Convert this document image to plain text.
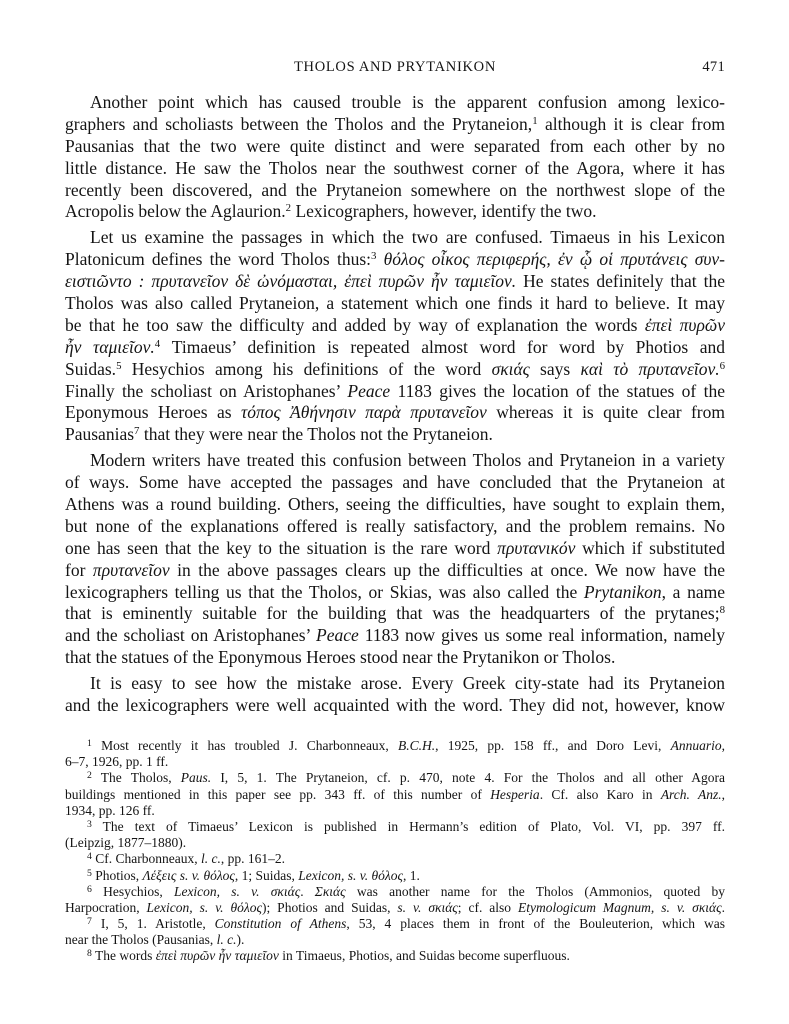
THOLOS AND PRYTANIKON	471
Another point which has caused trouble is the apparent confusion among lexico-
graphers and scholiasts between the Tholos and the Prytaneion,$^1$ although it is clear from
Pausanias that the two were quite distinct and were separated from each other by no
little distance. He saw the Tholos near the southwest corner of the Agora, where it has
recently been discovered, and the Prytaneion somewhere on the northwest slope of the
Acropolis below the Aglaurion.$^2$ Lexicographers, however, identify the two.
Let us examine the passages in which the two are confused. Timaeus in his Lexicon
Platonicum defines the word Tholos thus:$^3$ θόλος οἶκος περιφερής, ἐν ᾧ οἱ πρυτάνεις συν-
ειστιῶντο : πρυτανεῖον δὲ ὠνόμασται, ἐπεὶ πυρῶν ἦν ταμιεῖον. He states definitely that the
Tholos was also called Prytaneion, a statement which one finds it hard to believe. It may
be that he too saw the difficulty and added by way of explanation the words ἐπεὶ πυρῶν
ἦν ταμιεῖον.$^4$ Timaeus’ definition is repeated almost word for word by Photios and
Suidas.$^5$ Hesychios among his definitions of the word σκιάς says καὶ τὸ πρυτανεῖον.$^6$
Finally the scholiast on Aristophanes’ Peace 1183 gives the location of the statues of the
Eponymous Heroes as τόπος Ἀθήνησιν παρὰ πρυτανεῖον whereas it is quite clear from
Pausanias$^7$ that they were near the Tholos not the Prytaneion.
Modern writers have treated this confusion between Tholos and Prytaneion in a variety
of ways. Some have accepted the passages and have concluded that the Prytaneion at
Athens was a round building. Others, seeing the difficulties, have sought to explain them,
but none of the explanations offered is really satisfactory, and the problem remains. No
one has seen that the key to the situation is the rare word πρυτανικόν which if substituted
for πρυτανεῖον in the above passages clears up the difficulties at once. We now have the
lexicographers telling us that the Tholos, or Skias, was also called the Prytanikon, a name
that is eminently suitable for the building that was the headquarters of the prytanes;$^8$
and the scholiast on Aristophanes’ Peace 1183 now gives us some real information, namely
that the statues of the Eponymous Heroes stood near the Prytanikon or Tholos.
It is easy to see how the mistake arose. Every Greek city-state had its Prytaneion
and the lexicographers were well acquainted with the word. They did not, however, know
$^1$ Most recently it has troubled J. Charbonneaux, B.C.H., 1925, pp. 158 ff., and Doro Levi, Annuario,
6–7, 1926, pp. 1 ff.
$^2$ The Tholos, Paus. I, 5, 1. The Prytaneion, cf. p. 470, note 4. For the Tholos and all other Agora
buildings mentioned in this paper see pp. 343 ff. of this number of Hesperia. Cf. also Karo in Arch. Anz.,
1934, pp. 126 ff.
$^3$ The text of Timaeus’ Lexicon is published in Hermann’s edition of Plato, Vol. VI, pp. 397 ff.
(Leipzig, 1877–1880).
$^4$ Cf. Charbonneaux, l. c., pp. 161–2.
$^5$ Photios, Λέξεις s. v. θόλος, 1; Suidas, Lexicon, s. v. θόλος, 1.
$^6$ Hesychios, Lexicon, s. v. σκιάς. Σκιάς was another name for the Tholos (Ammonios, quoted by
Harpocration, Lexicon, s. v. θόλος); Photios and Suidas, s. v. σκιάς; cf. also Etymologicum Magnum, s. v. σκιάς.
$^7$ I, 5, 1. Aristotle, Constitution of Athens, 53, 4 places them in front of the Bouleuterion, which was
near the Tholos (Pausanias, l. c.).
$^8$ The words ἐπεὶ πυρῶν ἦν ταμιεῖον in Timaeus, Photios, and Suidas become superfluous.
